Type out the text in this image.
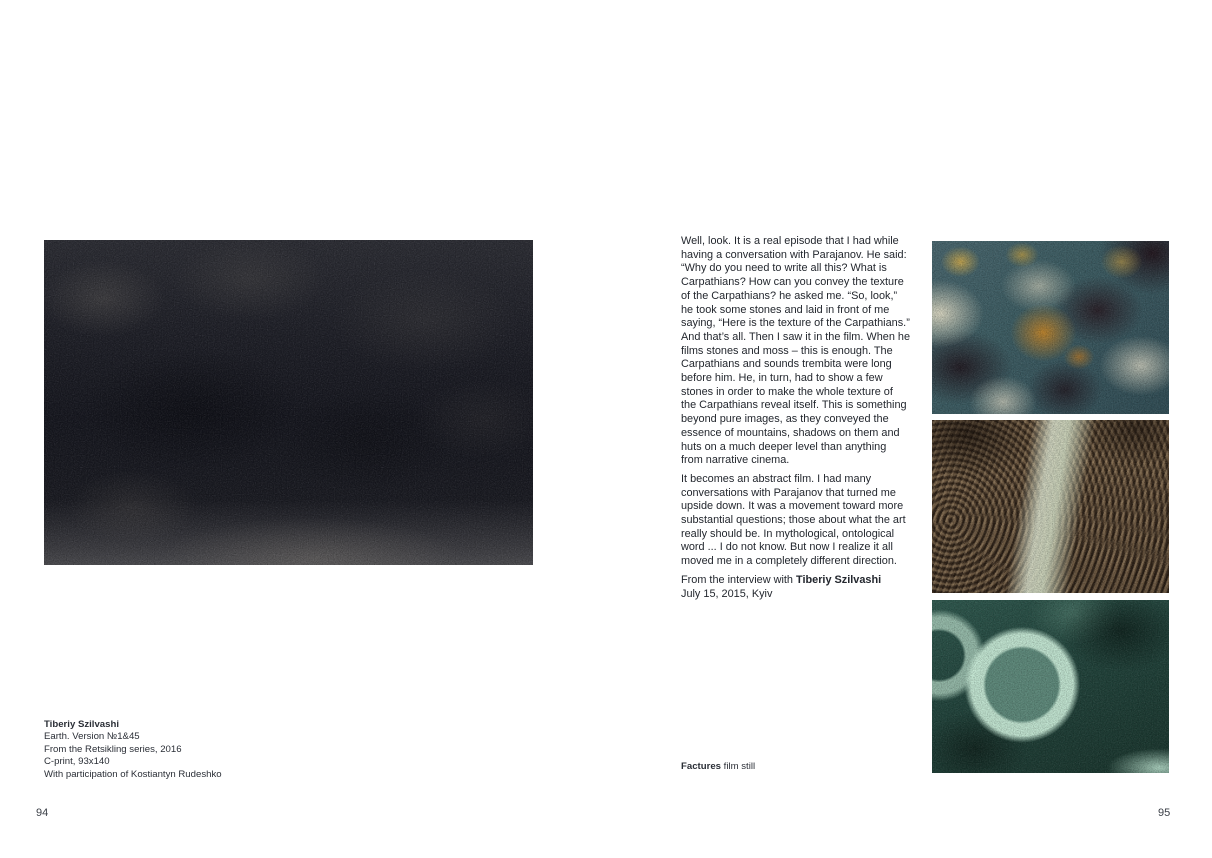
Tiberiy Szilvashi
Earth. Version №1&45
From the Retsikling series, 2016
C-print, 93x140
With participation of Kostiantyn Rudeshko
94

Well, look. It is a real episode that I had while having a conversation with Parajanov. He said: “Why do you need to write all this? What is Carpathians? How can you convey the texture of the Carpathians? he asked me. “So, look,” he took some stones and laid in front of me saying, “Here is the texture of the Carpathians.” And that’s all. Then I saw it in the film. When he films stones and moss – this is enough. The Carpathians and sounds trembita were long before him. He, in turn, had to show a few stones in order to make the whole texture of the Carpathians reveal itself. This is something beyond pure images, as they conveyed the essence of mountains, shadows on them and huts on a much deeper level than anything from narrative cinema.

It becomes an abstract film. I had many conversations with Parajanov that turned me upside down. It was a movement toward more substantial questions; those about what the art really should be. In mythological, ontological word ... I do not know. But now I realize it all moved me in a completely different direction.

From the interview with Tiberiy Szilvashi
July 15, 2015, Kyiv
Factures film still
95
